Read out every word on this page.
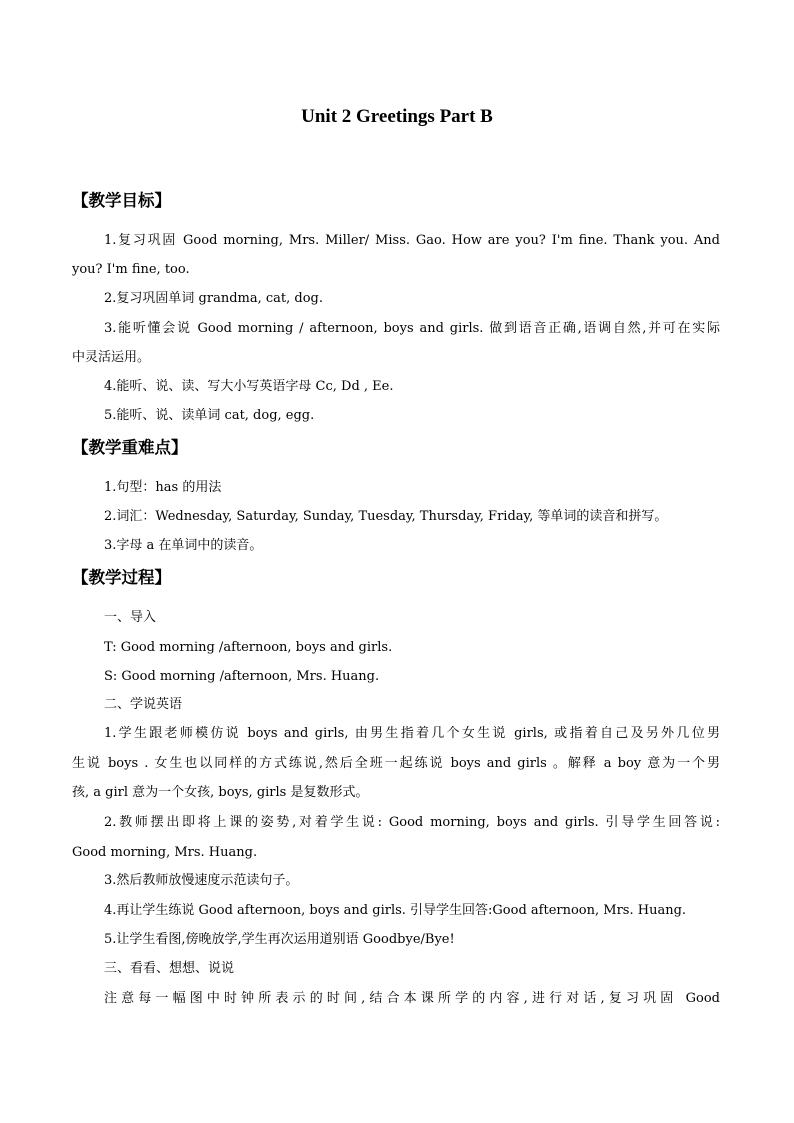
Unit 2 Greetings Part B
【教学目标】
1.复习巩固 Good morning, Mrs. Miller/ Miss. Gao. How are you? I'm fine. Thank you. And
you? I'm fine, too.
2.复习巩固单词 grandma, cat, dog.
3.能听懂会说 Good morning / afternoon, boys and girls. 做到语音正确,语调自然,并可在实际
中灵活运用。
4.能听、说、读、写大小写英语字母 Cc, Dd , Ee.
5.能听、说、读单词 cat, dog, egg.
【教学重难点】
1.句型：has 的用法
2.词汇：Wednesday, Saturday, Sunday, Tuesday, Thursday, Friday, 等单词的读音和拼写。
3.字母 a 在单词中的读音。
【教学过程】
一、导入
T: Good morning /afternoon, boys and girls.
S: Good morning /afternoon, Mrs. Huang.
二、学说英语
1.学生跟老师模仿说 boys and girls, 由男生指着几个女生说 girls, 或指着自己及另外几位男
生说 boys . 女生也以同样的方式练说,然后全班一起练说 boys and girls 。解释 a boy 意为一个男
孩, a girl 意为一个女孩, boys, girls 是复数形式。
2.教师摆出即将上课的姿势,对着学生说: Good morning, boys and girls. 引导学生回答说:
Good morning, Mrs. Huang.
3.然后教师放慢速度示范读句子。
4.再让学生练说 Good afternoon, boys and girls. 引导学生回答:Good afternoon, Mrs. Huang.
5.让学生看图,傍晚放学,学生再次运用道别语 Goodbye/Bye!
三、看看、想想、说说
注意每一幅图中时钟所表示的时间,结合本课所学的内容,进行对话,复习巩固 Good
